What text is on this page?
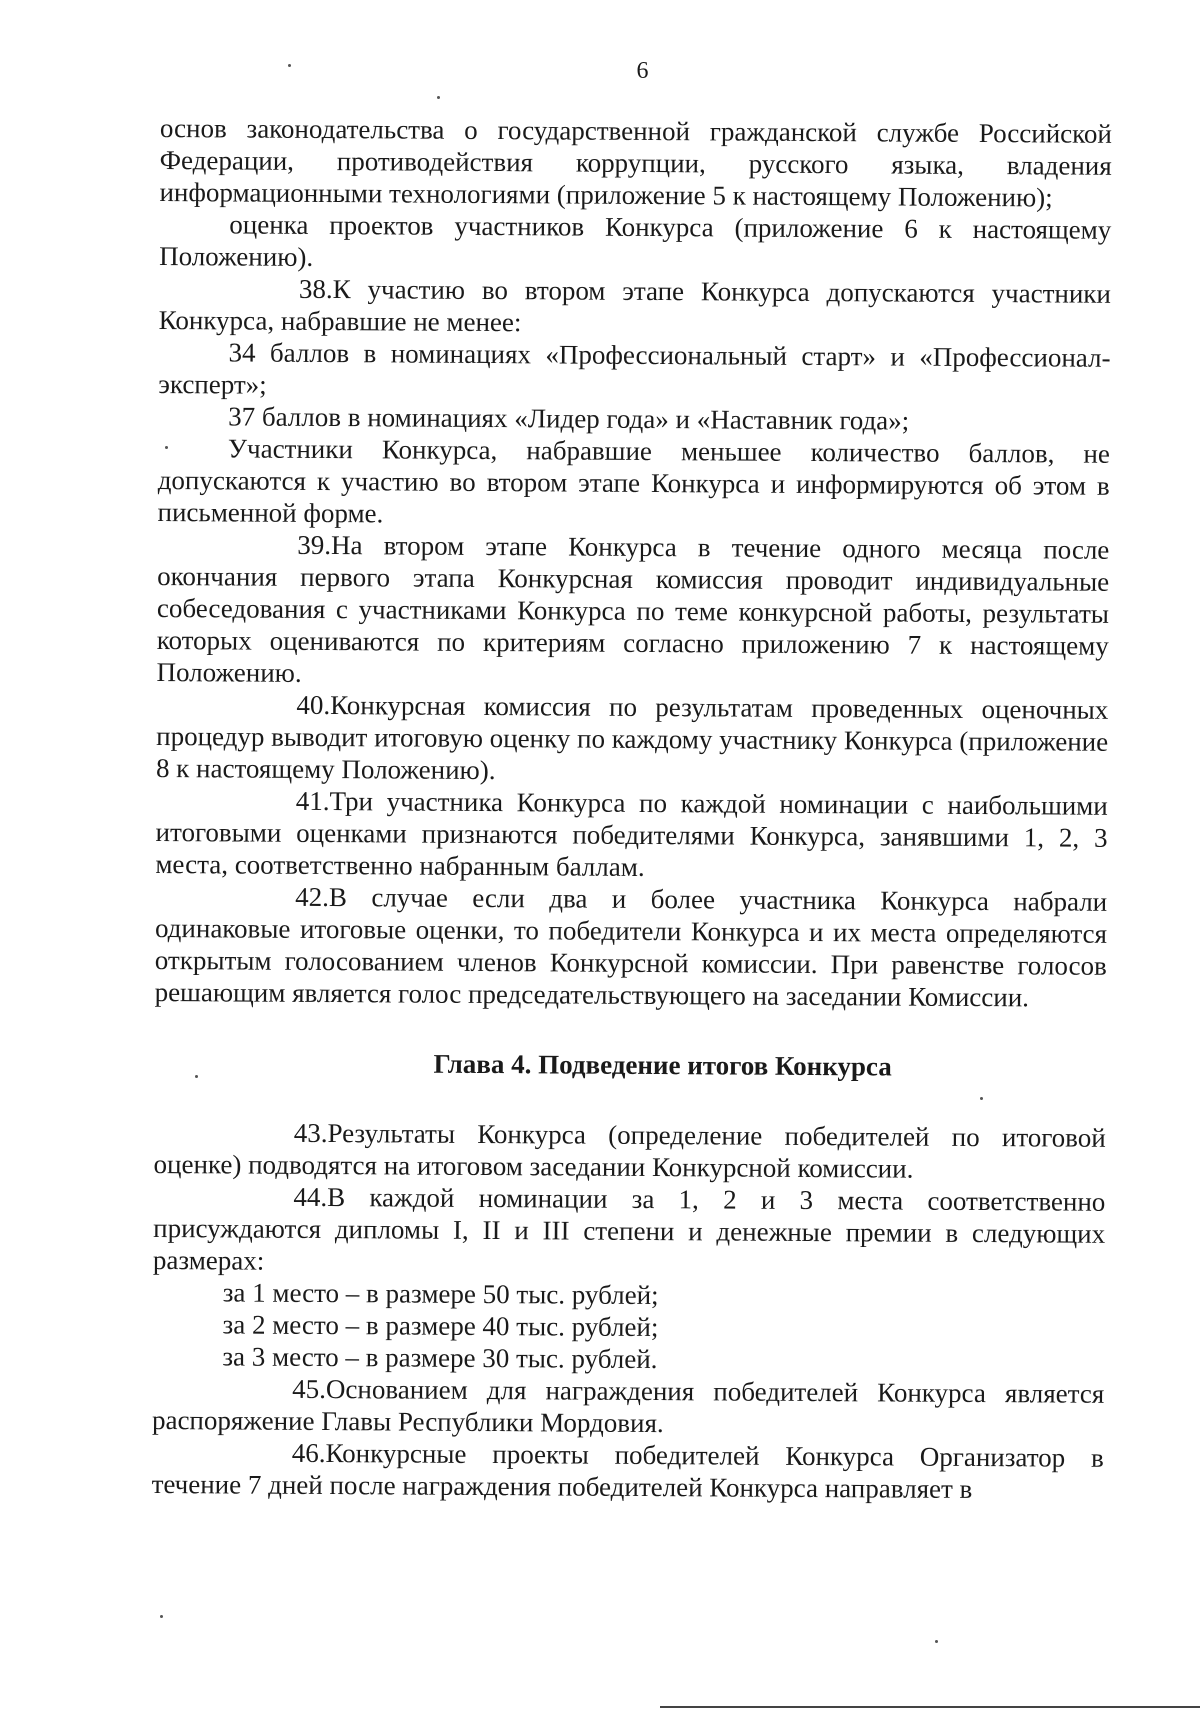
6

основ законодательства о государственной гражданской службе Российской Федерации, противодействия коррупции, русского языка, владения информационными технологиями (приложение 5 к настоящему Положению);

оценка проектов участников Конкурса (приложение 6 к настоящему Положению).

38.К участию во втором этапе Конкурса допускаются участники Конкурса, набравшие не менее:

34 баллов в номинациях «Профессиональный старт» и «Профессионал-эксперт»;

37 баллов в номинациях «Лидер года» и «Наставник года»;

Участники Конкурса, набравшие меньшее количество баллов, не допускаются к участию во втором этапе Конкурса и информируются об этом в письменной форме.

39.На втором этапе Конкурса в течение одного месяца после окончания первого этапа Конкурсная комиссия проводит индивидуальные собеседования с участниками Конкурса по теме конкурсной работы, результаты которых оцениваются по критериям согласно приложению 7 к настоящему Положению.

40.Конкурсная комиссия по результатам проведенных оценочных процедур выводит итоговую оценку по каждому участнику Конкурса (приложение 8 к настоящему Положению).

41.Три участника Конкурса по каждой номинации с наибольшими итоговыми оценками признаются победителями Конкурса, занявшими 1, 2, 3 места, соответственно набранным баллам.

42.В случае если два и более участника Конкурса набрали одинаковые итоговые оценки, то победители Конкурса и их места определяются открытым голосованием членов Конкурсной комиссии. При равенстве голосов решающим является голос председательствующего на заседании Комиссии.

Глава 4. Подведение итогов Конкурса

43.Результаты Конкурса (определение победителей по итоговой оценке) подводятся на итоговом заседании Конкурсной комиссии.

44.В каждой номинации за 1, 2 и 3 места соответственно присуждаются дипломы I, II и III степени и денежные премии в следующих размерах:

за 1 место – в размере 50 тыс. рублей;

за 2 место – в размере 40 тыс. рублей;

за 3 место – в размере 30 тыс. рублей.

45.Основанием для награждения победителей Конкурса является распоряжение Главы Республики Мордовия.

46.Конкурсные проекты победителей Конкурса Организатор в течение 7 дней после награждения победителей Конкурса направляет в
